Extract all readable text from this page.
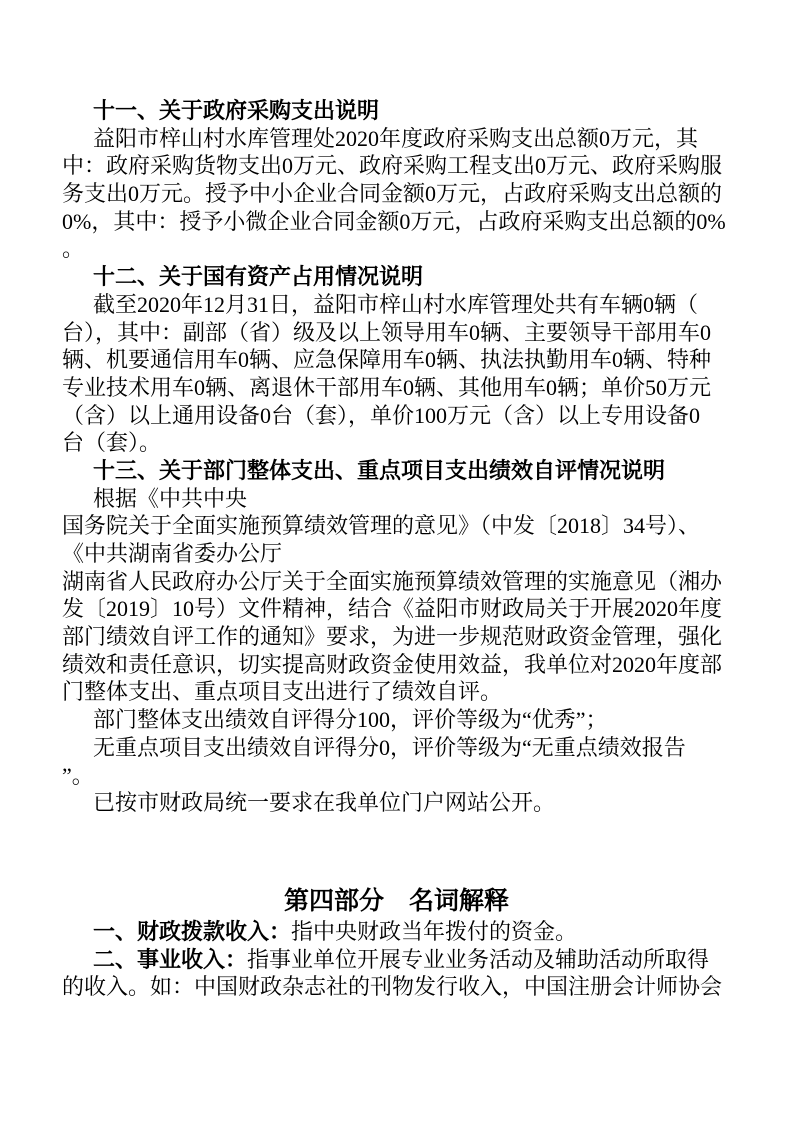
十一、关于政府采购支出说明
益阳市梓山村水库管理处2020年度政府采购支出总额0万元，其
中：政府采购货物支出0万元、政府采购工程支出0万元、政府采购服
务支出0万元。授予中小企业合同金额0万元，占政府采购支出总额的
0%，其中：授予小微企业合同金额0万元，占政府采购支出总额的0%
。
十二、关于国有资产占用情况说明
截至2020年12月31日，益阳市梓山村水库管理处共有车辆0辆（
台），其中：副部（省）级及以上领导用车0辆、主要领导干部用车0
辆、机要通信用车0辆、应急保障用车0辆、执法执勤用车0辆、特种
专业技术用车0辆、离退休干部用车0辆、其他用车0辆；单价50万元
（含）以上通用设备0台（套），单价100万元（含）以上专用设备0
台（套）。
十三、关于部门整体支出、重点项目支出绩效自评情况说明
根据《中共中央
国务院关于全面实施预算绩效管理的意见》（中发〔2018〕34号）、
《中共湖南省委办公厅
湖南省人民政府办公厅关于全面实施预算绩效管理的实施意见（湘办
发〔2019〕10号）文件精神，结合《益阳市财政局关于开展2020年度
部门绩效自评工作的通知》要求，为进一步规范财政资金管理，强化
绩效和责任意识，切实提高财政资金使用效益，我单位对2020年度部
门整体支出、重点项目支出进行了绩效自评。
部门整体支出绩效自评得分100，评价等级为“优秀”；
无重点项目支出绩效自评得分0，评价等级为“无重点绩效报告
”。
已按市财政局统一要求在我单位门户网站公开。
第四部分　名词解释
一、财政拨款收入：指中央财政当年拨付的资金。
二、事业收入：指事业单位开展专业业务活动及辅助活动所取得
的收入。如：中国财政杂志社的刊物发行收入，中国注册会计师协会
